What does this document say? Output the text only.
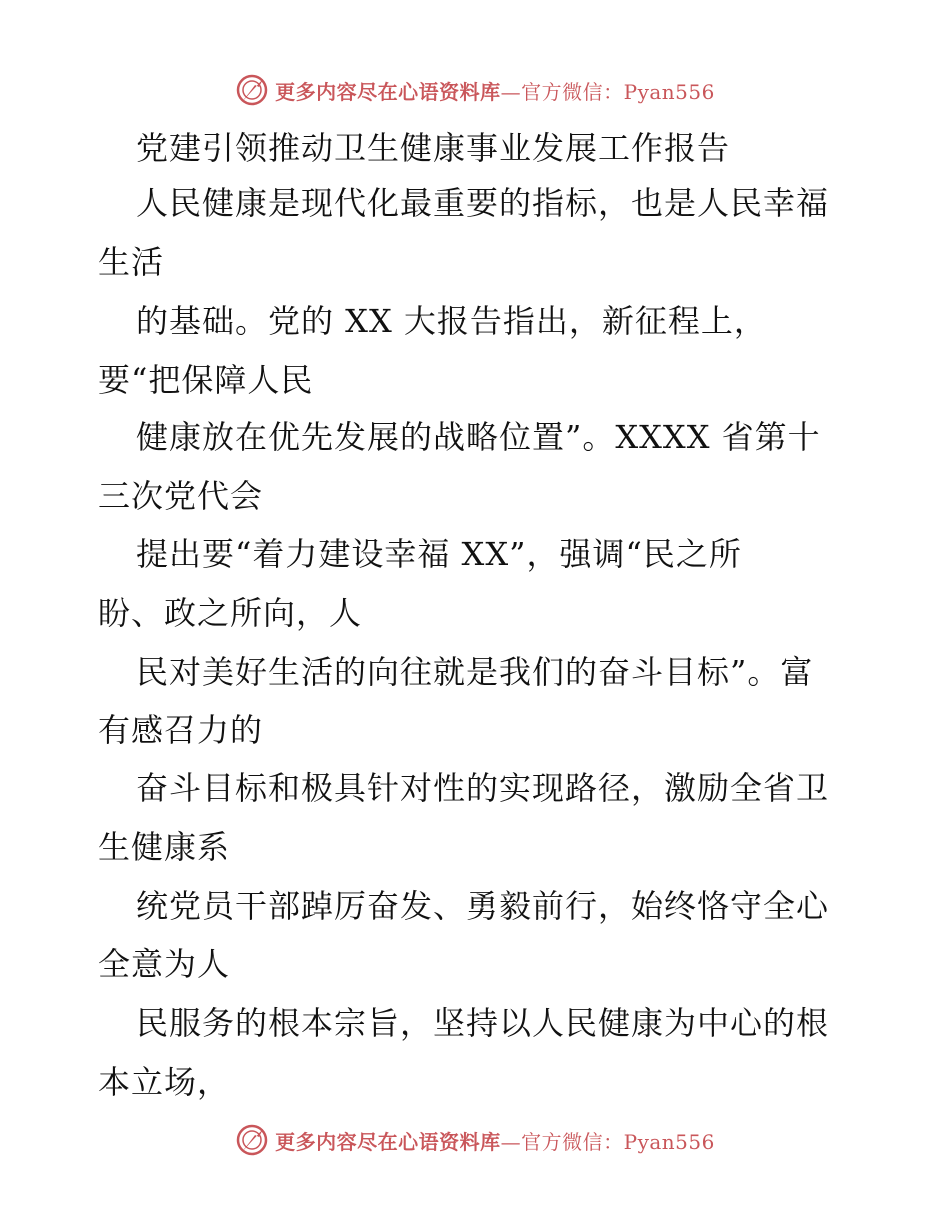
更多内容尽在心语资料库—官方微信：Pyan556
党建引领推动卫生健康事业发展工作报告
人民健康是现代化最重要的指标，也是人民幸福
生活
的基础。党的 XX 大报告指出，新征程上，
要“把保障人民
健康放在优先发展的战略位置”。XXXX 省第十
三次党代会
提出要“着力建设幸福 XX”，强调“民之所
盼、政之所向，人
民对美好生活的向往就是我们的奋斗目标”。富
有感召力的
奋斗目标和极具针对性的实现路径，激励全省卫
生健康系
统党员干部踔厉奋发、勇毅前行，始终恪守全心
全意为人
民服务的根本宗旨，坚持以人民健康为中心的根
本立场，
更多内容尽在心语资料库—官方微信：Pyan556
